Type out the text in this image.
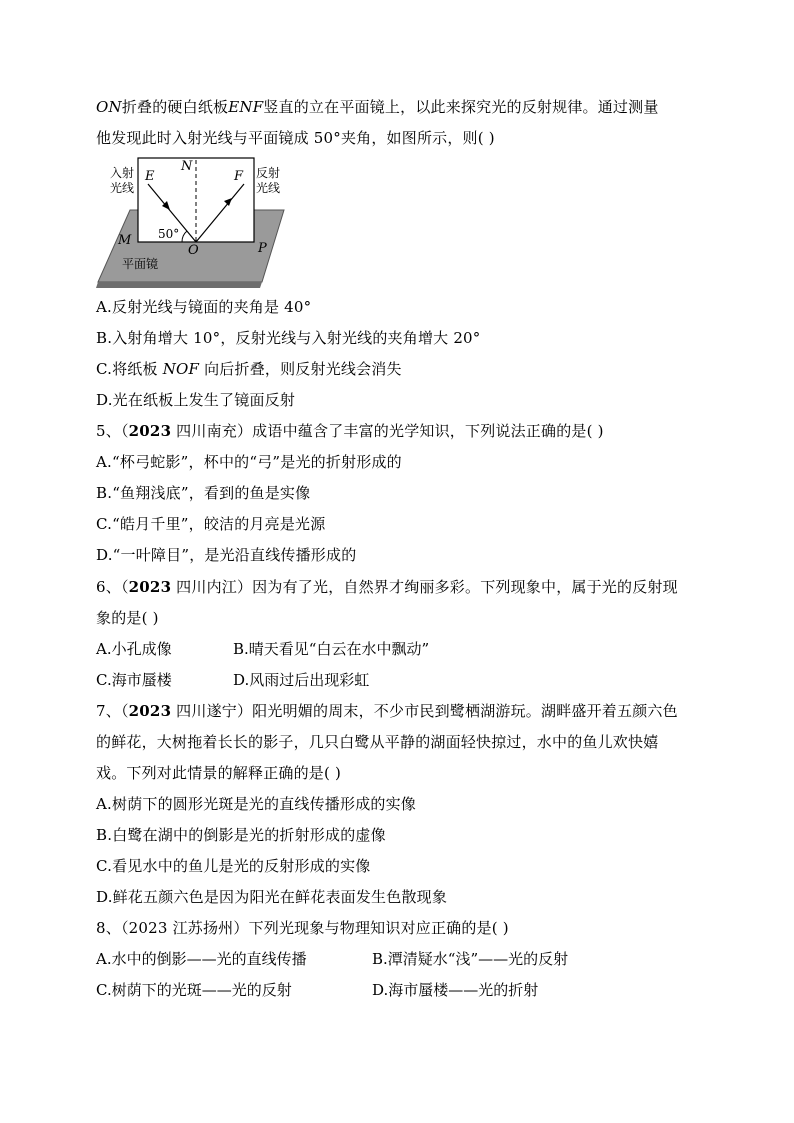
ON折叠的硬白纸板ENF竖直的立在平面镜上，以此来探究光的反射规律。通过测量
他发现此时入射光线与平面镜成 50°夹角，如图所示，则( )
入射
光线
E
N
F 反射
光线
M 50°
O	P
平面镜
A.反射光线与镜面的夹角是 40°
B.入射角增大 10°，反射光线与入射光线的夹角增大 20°
C.将纸板 NOF 向后折叠，则反射光线会消失
D.光在纸板上发生了镜面反射
5、（2023 四川南充）成语中蕴含了丰富的光学知识，下列说法正确的是( )
A.“杯弓蛇影”，杯中的“弓”是光的折射形成的
B.“鱼翔浅底”，看到的鱼是实像
C.“皓月千里”，皎洁的月亮是光源
D.“一叶障目”，是光沿直线传播形成的
6、（2023 四川内江）因为有了光，自然界才绚丽多彩。下列现象中，属于光的反射现
象的是( )
A.小孔成像	B.晴天看见“白云在水中飘动”
C.海市蜃楼	D.风雨过后出现彩虹
7、（2023 四川遂宁）阳光明媚的周末，不少市民到鹭栖湖游玩。湖畔盛开着五颜六色
的鲜花，大树拖着长长的影子，几只白鹭从平静的湖面轻快掠过，水中的鱼儿欢快嬉
戏。下列对此情景的解释正确的是( )
A.树荫下的圆形光斑是光的直线传播形成的实像
B.白鹭在湖中的倒影是光的折射形成的虚像
C.看见水中的鱼儿是光的反射形成的实像
D.鲜花五颜六色是因为阳光在鲜花表面发生色散现象
8、（2023 江苏扬州）下列光现象与物理知识对应正确的是( )
A.水中的倒影——光的直线传播	B.潭清疑水“浅”——光的反射
C.树荫下的光斑——光的反射	D.海市蜃楼——光的折射
